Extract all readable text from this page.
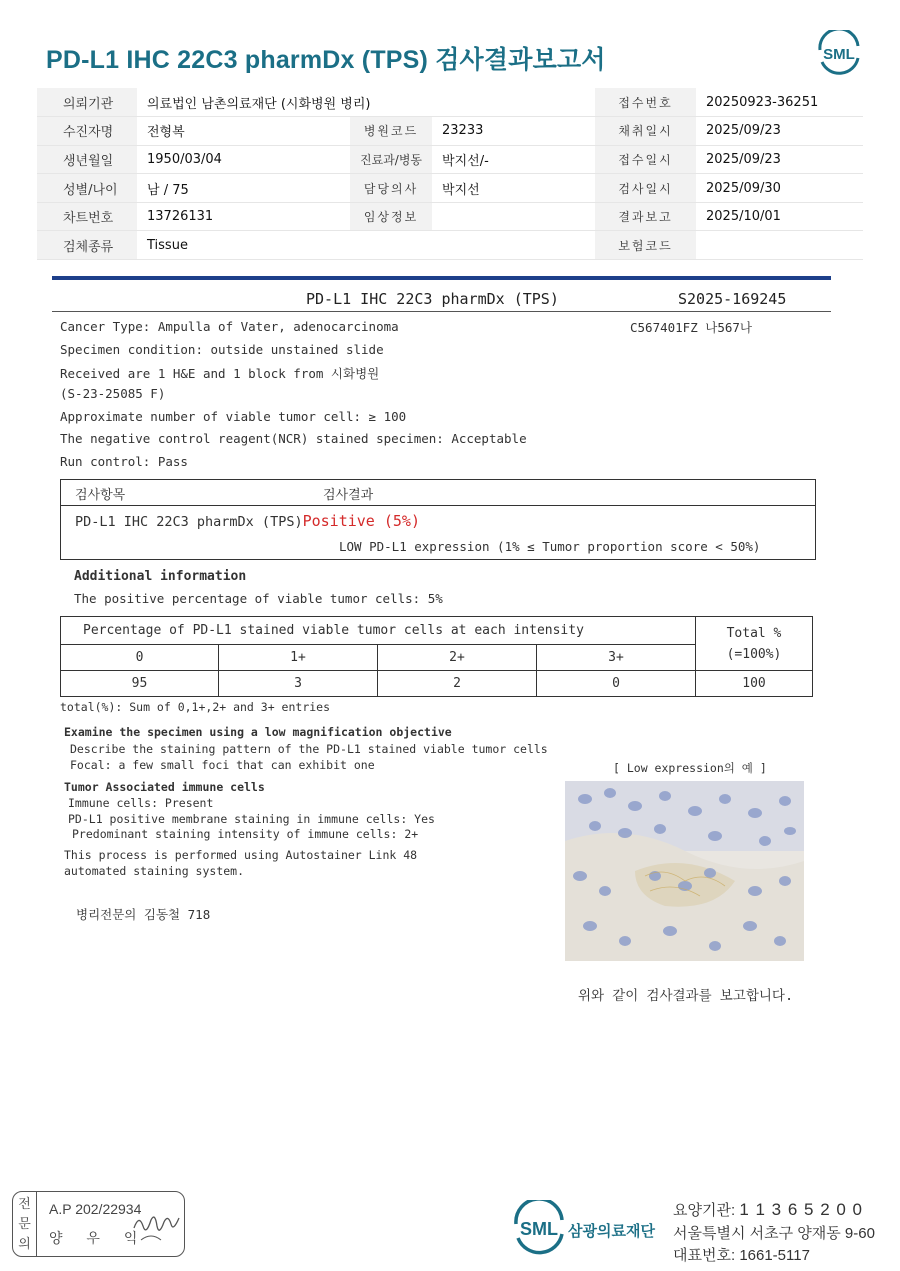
PD-L1 IHC 22C3 pharmDx (TPS) 검사결과보고서	SML
의뢰기관	의료법인 남촌의료재단 (시화병원 병리)			접수번호	20250923-36251
수진자명	전형복	병원코드	23233	채취일시	2025/09/23
생년월일	1950/03/04	진료과/병동	박지선/-	접수일시	2025/09/23
성별/나이	남 / 75	담당의사	박지선	검사일시	2025/09/30
차트번호	13726131	임상정보		결과보고	2025/10/01
검체종류	Tissue			보험코드	
PD-L1 IHC 22C3 pharmDx (TPS)	S2025-169245
C567401FZ 나567나
Cancer Type: Ampulla of Vater, adenocarcinoma
Specimen condition: outside unstained slide
Received are 1 H&E and 1 block from 시화병원
(S-23-25085 F)
Approximate number of viable tumor cell: ≥ 100
The negative control reagent(NCR) stained specimen: Acceptable
Run control: Pass
검사항목	검사결과
PD-L1 IHC 22C3 pharmDx (TPS)Positive (5%)
LOW PD-L1 expression (1% ≤ Tumor proportion score < 50%)
Additional information
The positive percentage of viable tumor cells: 5%
Percentage of PD-L1 stained viable tumor cells at each intensity				Total %
(=100%)

0	1+	2+	3+	
95	3	2	0	100
total(%): Sum of 0,1+,2+ and 3+ entries
Examine the specimen using a low magnification objective
Describe the staining pattern of the PD-L1 stained viable tumor cells
Focal: a few small foci that can exhibit one	[ Low expression의 예 ]
Tumor Associated immune cells
Immune cells: Present
PD-L1 positive membrane staining in immune cells: Yes
Predominant staining intensity of immune cells: 2+
This process is performed using Autostainer Link 48
automated staining system.
병리전문의 김동철 718
위와 같이 검사결과를 보고합니다.
전
문
의
A.P 202/22934
양 우 익	SML 삼광의료재단
요양기관: 1 1 3 6 5 2 0 0
서울특별시 서초구 양재동 9-60
대표번호: 1661-5117
